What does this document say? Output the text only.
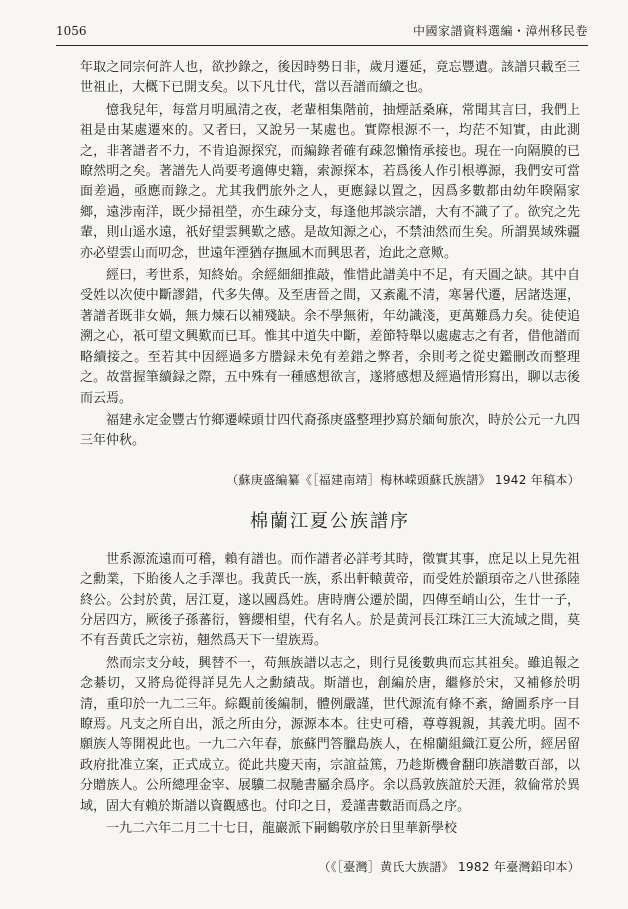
1056	中國家譜資料選編・漳州移民卷

年取之同宗何許人也，欲抄錄之，後因時勢日非，歲月遷延，竟忘豐遺。該譜只載至三世祖止，大概下已開支矣。以下凡廿代，當以吾譜而續之也。

憶我兒年，每當月明風清之夜，老輩相集階前，抽煙話桑麻，常聞其言曰，我們上祖是由某處遷來的。又者曰，又說另一某處也。實際根源不一，均茫不知實，由此測之，非著譜者不力，不肯追源探究，而編錄者確有疎忽懶惰承接也。現在一向隔膜的已瞭然明之矣。著譜先人尚要考適傳史籍，索源探本，若爲後人作引根導源，我們安可當面差過，亟應而錄之。尤其我們旅外之人，更應録以置之，因爲多數都由幼年睽隔家鄉，遠涉南洋，既少掃祖塋，亦生疎分支，每逢他邦談宗譜，大有不識了了。欲究之先輩，則山遥水遠，祇好望雲興歎之感。是故知源之心，不禁油然而生矣。所謂異域殊疆亦必望雲山而叨念，世遠年湮猶存撫風木而興思者，迨此之意歟。

經曰，考世系，知終始。余經細細推敲，惟惜此譜美中不足，有天圓之缺。其中自受姓以次使中斷謬錯，代多失傳。及至唐晉之間，又紊亂不清，寒暑代遷，居諸迭運，著譜者既非女媧，無力煉石以補殘缺。余不學無術，年幼識淺，更萬難爲力矣。徒使追溯之心，祇可望文興歎而已耳。惟其中道失中斷，差節特舉以處處志之有者，借他譜而略續接之。至若其中因經過多方謄録未免有差錯之弊者，余則考之從史鑑刪改而整理之。故當握筆續録之際，五中殊有一種感想欲言，遂將感想及經過情形寫出，聊以志後而云焉。

福建永定金豐古竹鄉遷嵘頭廿四代裔孫庚盛整理抄寫於緬甸旅次，時於公元一九四三年仲秋。

（蘇庚盛編纂《［福建南靖］梅林嵘頭蘇氏族譜》 1942 年稿本）
棉蘭江夏公族譜序

世系源流遠而可稽，賴有譜也。而作譜者必詳考其時，徵實其事，庶足以上見先祖之勳業，下貽後人之手澤也。我黄氏一族，系出軒轅黄帝，而受姓於顓頊帝之八世孫陸終公。公封於黄，居江夏，遂以國爲姓。唐時膺公遷於閩，四傳至峭山公，生廿一子，分居四方，厥後子孫蕃衍，簪纓相望，代有名人。於是黄河長江珠江三大流域之間，莫不有吾黄氏之宗祊，翹然爲天下一望族焉。

然而宗支分岐，興替不一，苟無族譜以志之，則行見後數典而忘其祖矣。雖追報之念綦切，又將烏從得詳見先人之勳績哉。斯譜也，創編於唐，繼修於宋，又補修於明清，重印於一九二三年。綜觀前後編制，體例嚴謹，世代源流有條不紊，繪圖系序一目瞭焉。凡支之所自出，派之所由分，源源本本。往史可稽，尊尊親親，其義尤明。固不願族人等開視此也。一九二六年春，旅蘇門答臘島族人，在棉蘭組織江夏公所，經居留政府批准立案，正式成立。從此共慶天南，宗誼益篤，乃趁斯機會翻印族譜數百部，以分贈族人。公所總理金宰、展驥二叔馳書屬余爲序。余以爲敦族誼於天涯，敘倫常於異域，固大有賴於斯譜以資觀感也。付印之日，爰謹書數語而爲之序。

一九二六年二月二十七日，龍巖派下嗣鶴敬序於日里華新學校

（《［臺灣］黄氏大族譜》 1982 年臺灣鉛印本）
